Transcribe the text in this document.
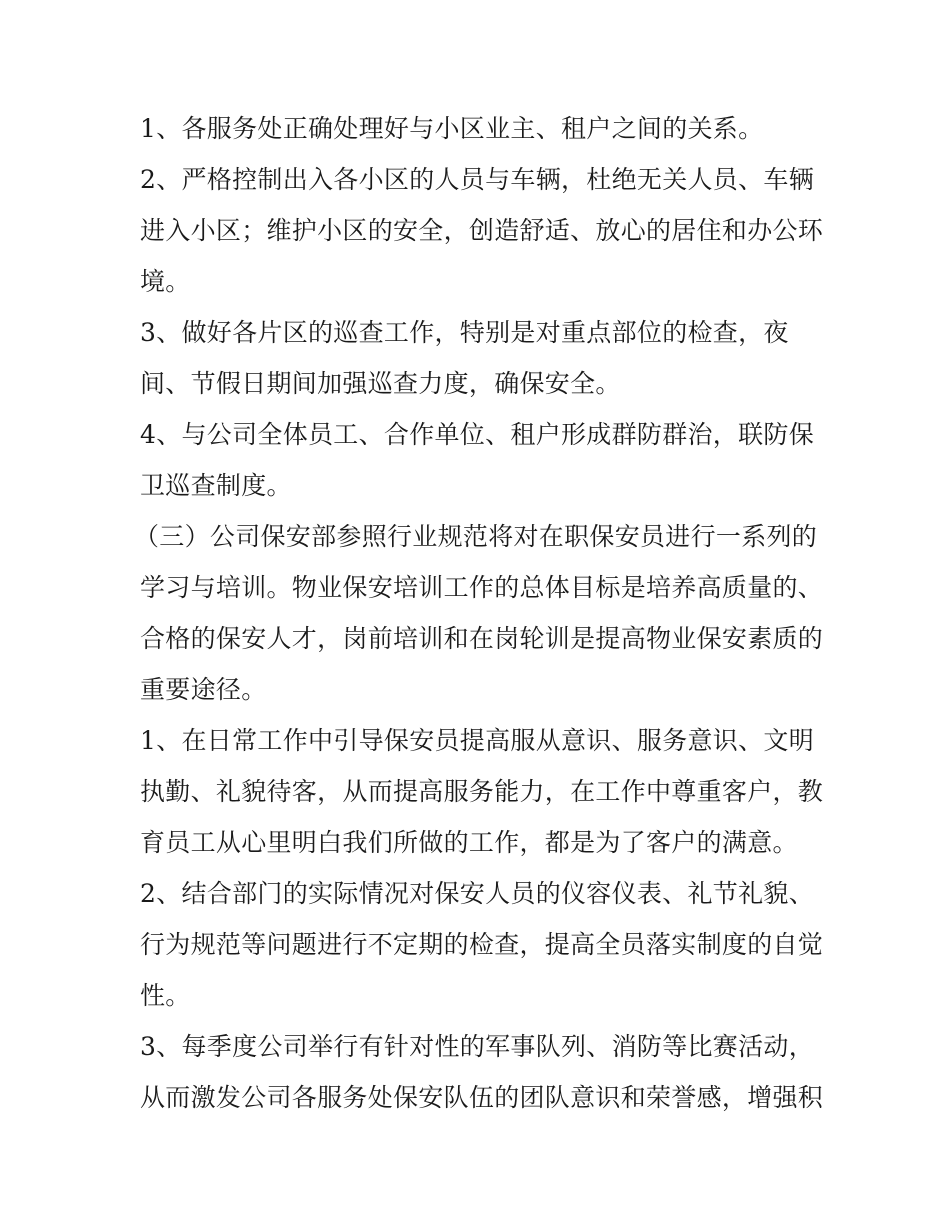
1、各服务处正确处理好与小区业主、租户之间的关系。
2、严格控制出入各小区的人员与车辆，杜绝无关人员、车辆
进入小区；维护小区的安全，创造舒适、放心的居住和办公环
境。
3、做好各片区的巡查工作，特别是对重点部位的检查，夜
间、节假日期间加强巡查力度，确保安全。
4、与公司全体员工、合作单位、租户形成群防群治，联防保
卫巡查制度。
（三）公司保安部参照行业规范将对在职保安员进行一系列的
学习与培训。物业保安培训工作的总体目标是培养高质量的、
合格的保安人才，岗前培训和在岗轮训是提高物业保安素质的
重要途径。
1、在日常工作中引导保安员提高服从意识、服务意识、文明
执勤、礼貌待客，从而提高服务能力，在工作中尊重客户，教
育员工从心里明白我们所做的工作，都是为了客户的满意。
2、结合部门的实际情况对保安人员的仪容仪表、礼节礼貌、
行为规范等问题进行不定期的检查，提高全员落实制度的自觉
性。
3、每季度公司举行有针对性的军事队列、消防等比赛活动，
从而激发公司各服务处保安队伍的团队意识和荣誉感，增强积
